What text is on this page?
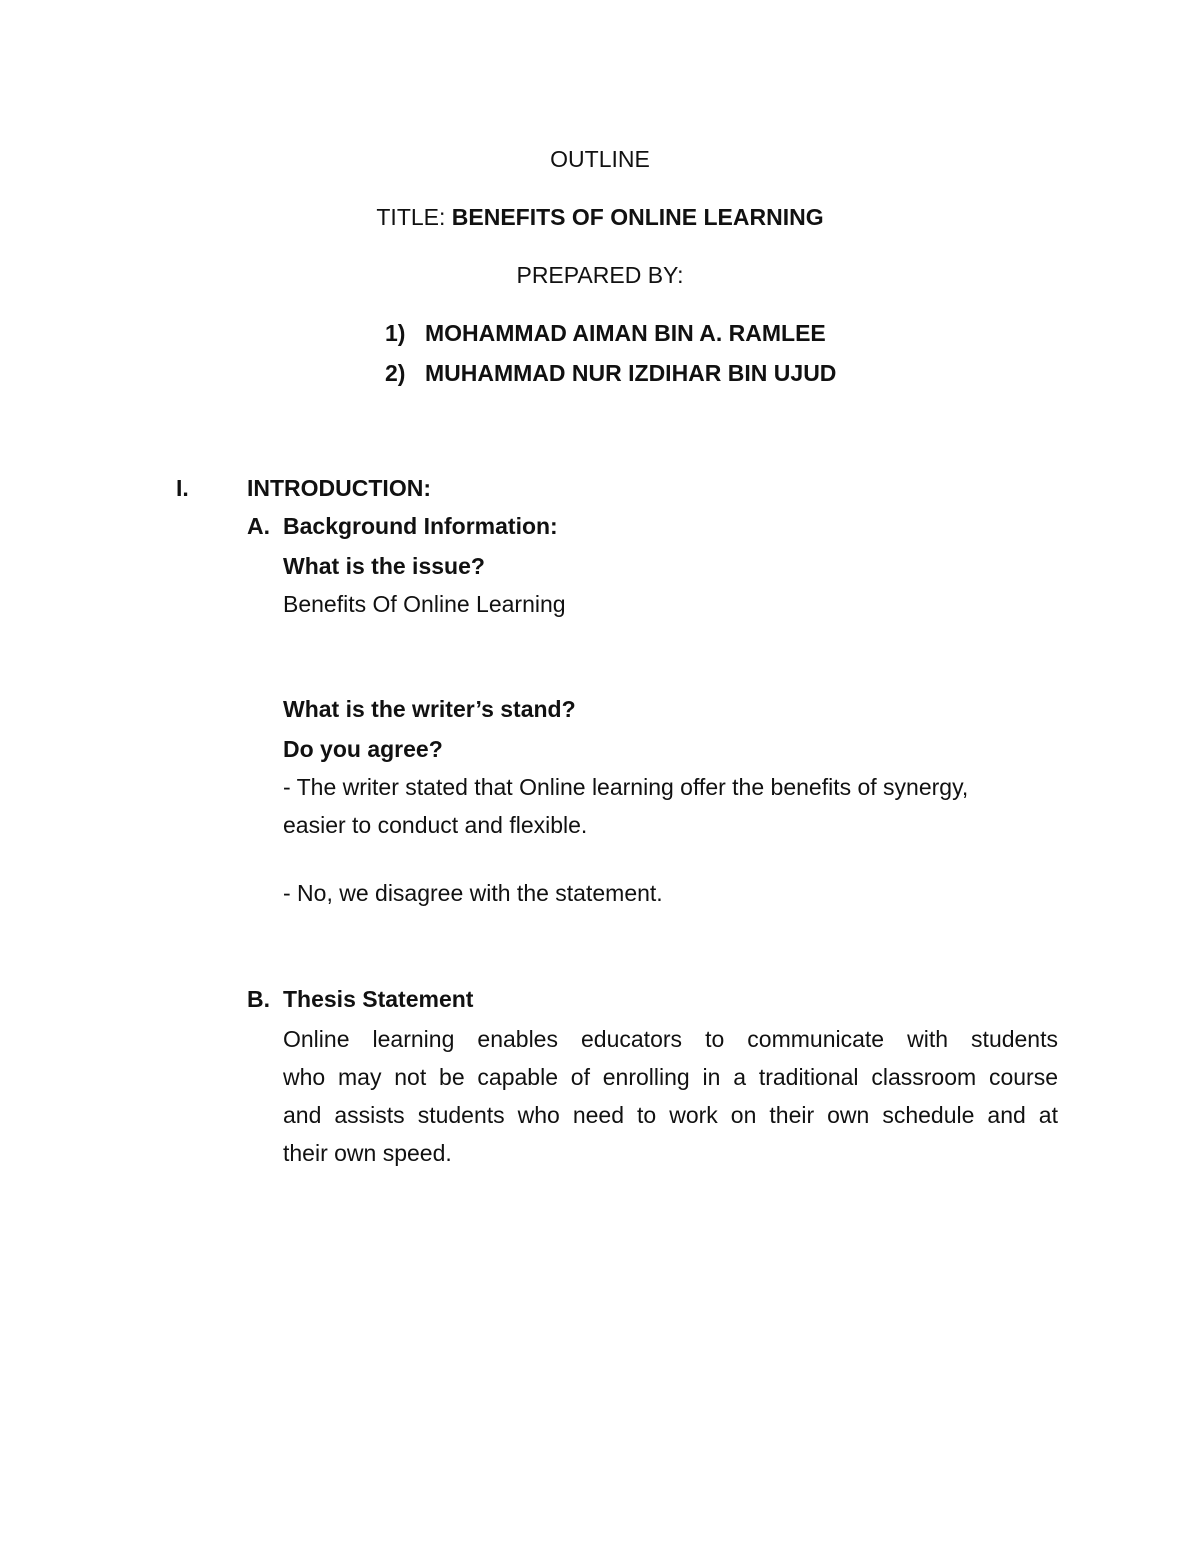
OUTLINE
TITLE: BENEFITS OF ONLINE LEARNING
PREPARED BY:
1) MOHAMMAD AIMAN BIN A. RAMLEE
2) MUHAMMAD NUR IZDIHAR BIN UJUD
I.	INTRODUCTION:
A. Background Information:
What is the issue?
Benefits Of Online Learning
What is the writer’s stand?
Do you agree?
- The writer stated that Online learning offer the benefits of synergy,
easier to conduct and flexible.
- No, we disagree with the statement.
B. Thesis Statement
Online learning enables educators to communicate with students
who may not be capable of enrolling in a traditional classroom course
and assists students who need to work on their own schedule and at
their own speed.
